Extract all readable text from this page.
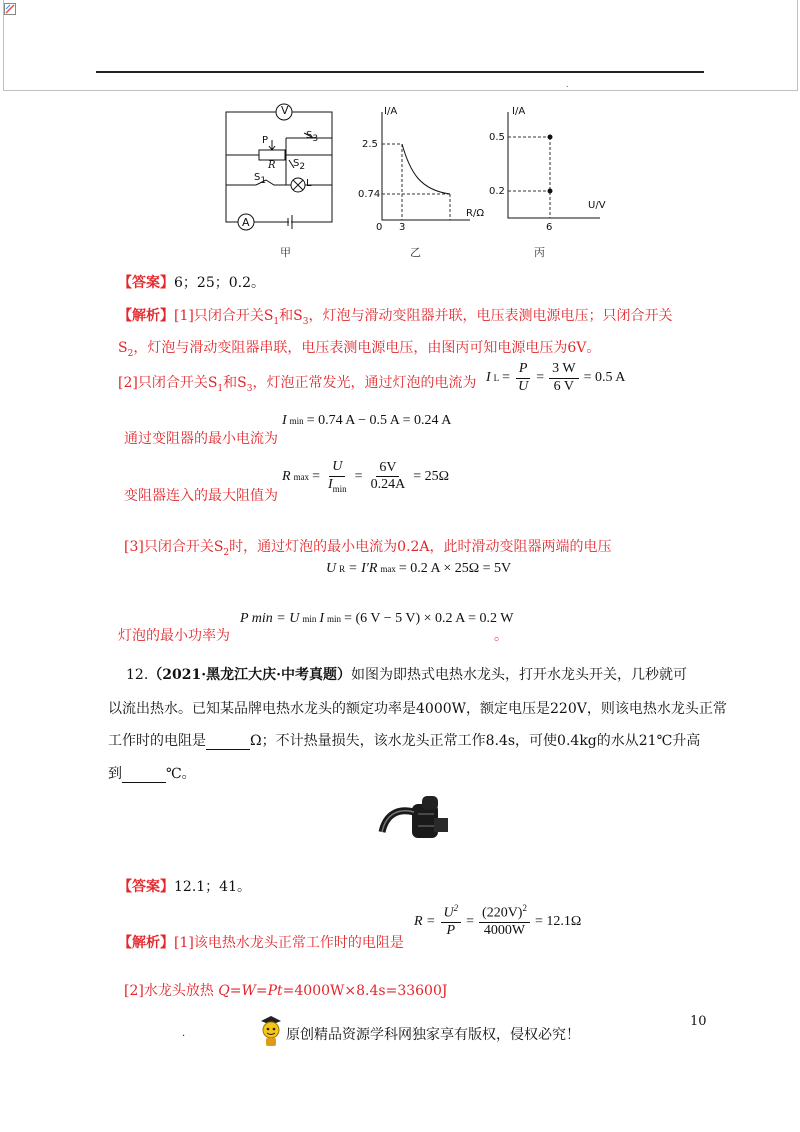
.
V
A
P
R
$S_3$
$S_2$
$S_1$	L
甲
I/A
2.5
0.74
0 3
R/Ω
乙
I/A
0.5
0.2
6
U/V
丙
【答案】6；25；0.2。
【解析】[1]只闭合开关$S_1$和$S_3$，灯泡与滑动变阻器并联，电压表测电源电压；只闭合开关
$S_2$，灯泡与滑动变阻器串联，电压表测电源电压，由图丙可知电源电压为6V。
[2]只闭合开关$S_1$和$S_3$，灯泡正常发光，通过灯泡的电流为 I $L = \frac{P}{U} = \frac{3 W}{6 V} = 0.5$ A
通过变阻器的最小电流为
I min = 0.74 A − 0.5 A = 0.24 A
变阻器连入的最大阻值为
R $\max = \frac{U}{I_{min}} = \frac{6V}{0.24A} = 25\Omega$
[3]只闭合开关$S_2$时，通过灯泡的最小电流为0.2A，此时滑动变阻器两端的电压
U R = I′R max = 0.2 A × 25Ω = 5V
灯泡的最小功率为
P min = U min I min = (6 V − 5 V) × 0.2 A = 0.2 W
。
12.（2021·黑龙江大庆·中考真题）如图为即热式电热水龙头，打开水龙头开关，几秒就可
以流出热水。已知某品牌电热水龙头的额定功率是4000W，额定电压是220V，则该电热水龙头正常
工作时的电阻是	Ω；不计热量损失，该水龙头正常工作8.4s，可使0.4kg的水从21℃升高
到	℃。
【答案】12.1；41。
【解析】[1]该电热水龙头正常工作时的电阻是
$R = \frac{U^2}{P} = \frac{(220V)^2}{4000W} = 12.1\Omega$
[2]水龙头放热 Q=W=Pt=4000W×8.4s=33600J
10
.	原创精品资源学科网独家享有版权，侵权必究！
